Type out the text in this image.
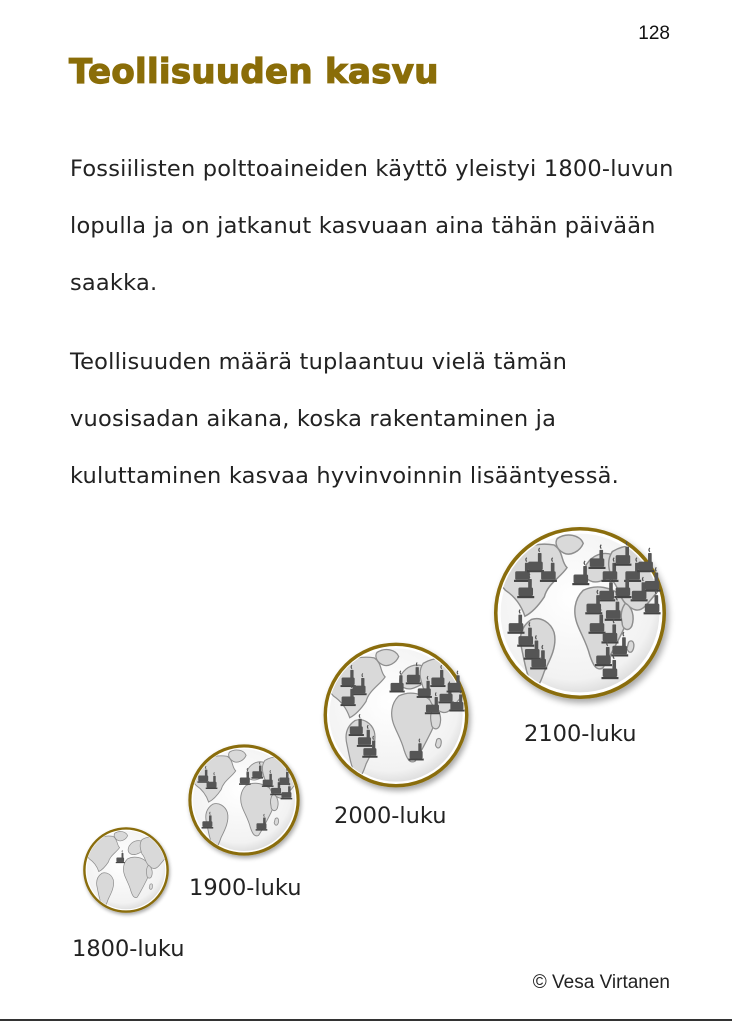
128
Teollisuuden kasvu

Fossiilisten polttoaineiden käyttö yleistyi 1800-luvun lopulla ja on jatkanut kasvuaan aina tähän päivään saakka.

Teollisuuden määrä tuplaantuu vielä tämän vuosisadan aikana, koska rakentaminen ja kuluttaminen kasvaa hyvinvoinnin lisääntyessä.

1800-luku
1900-luku
2000-luku
2100-luku
© Vesa Virtanen
